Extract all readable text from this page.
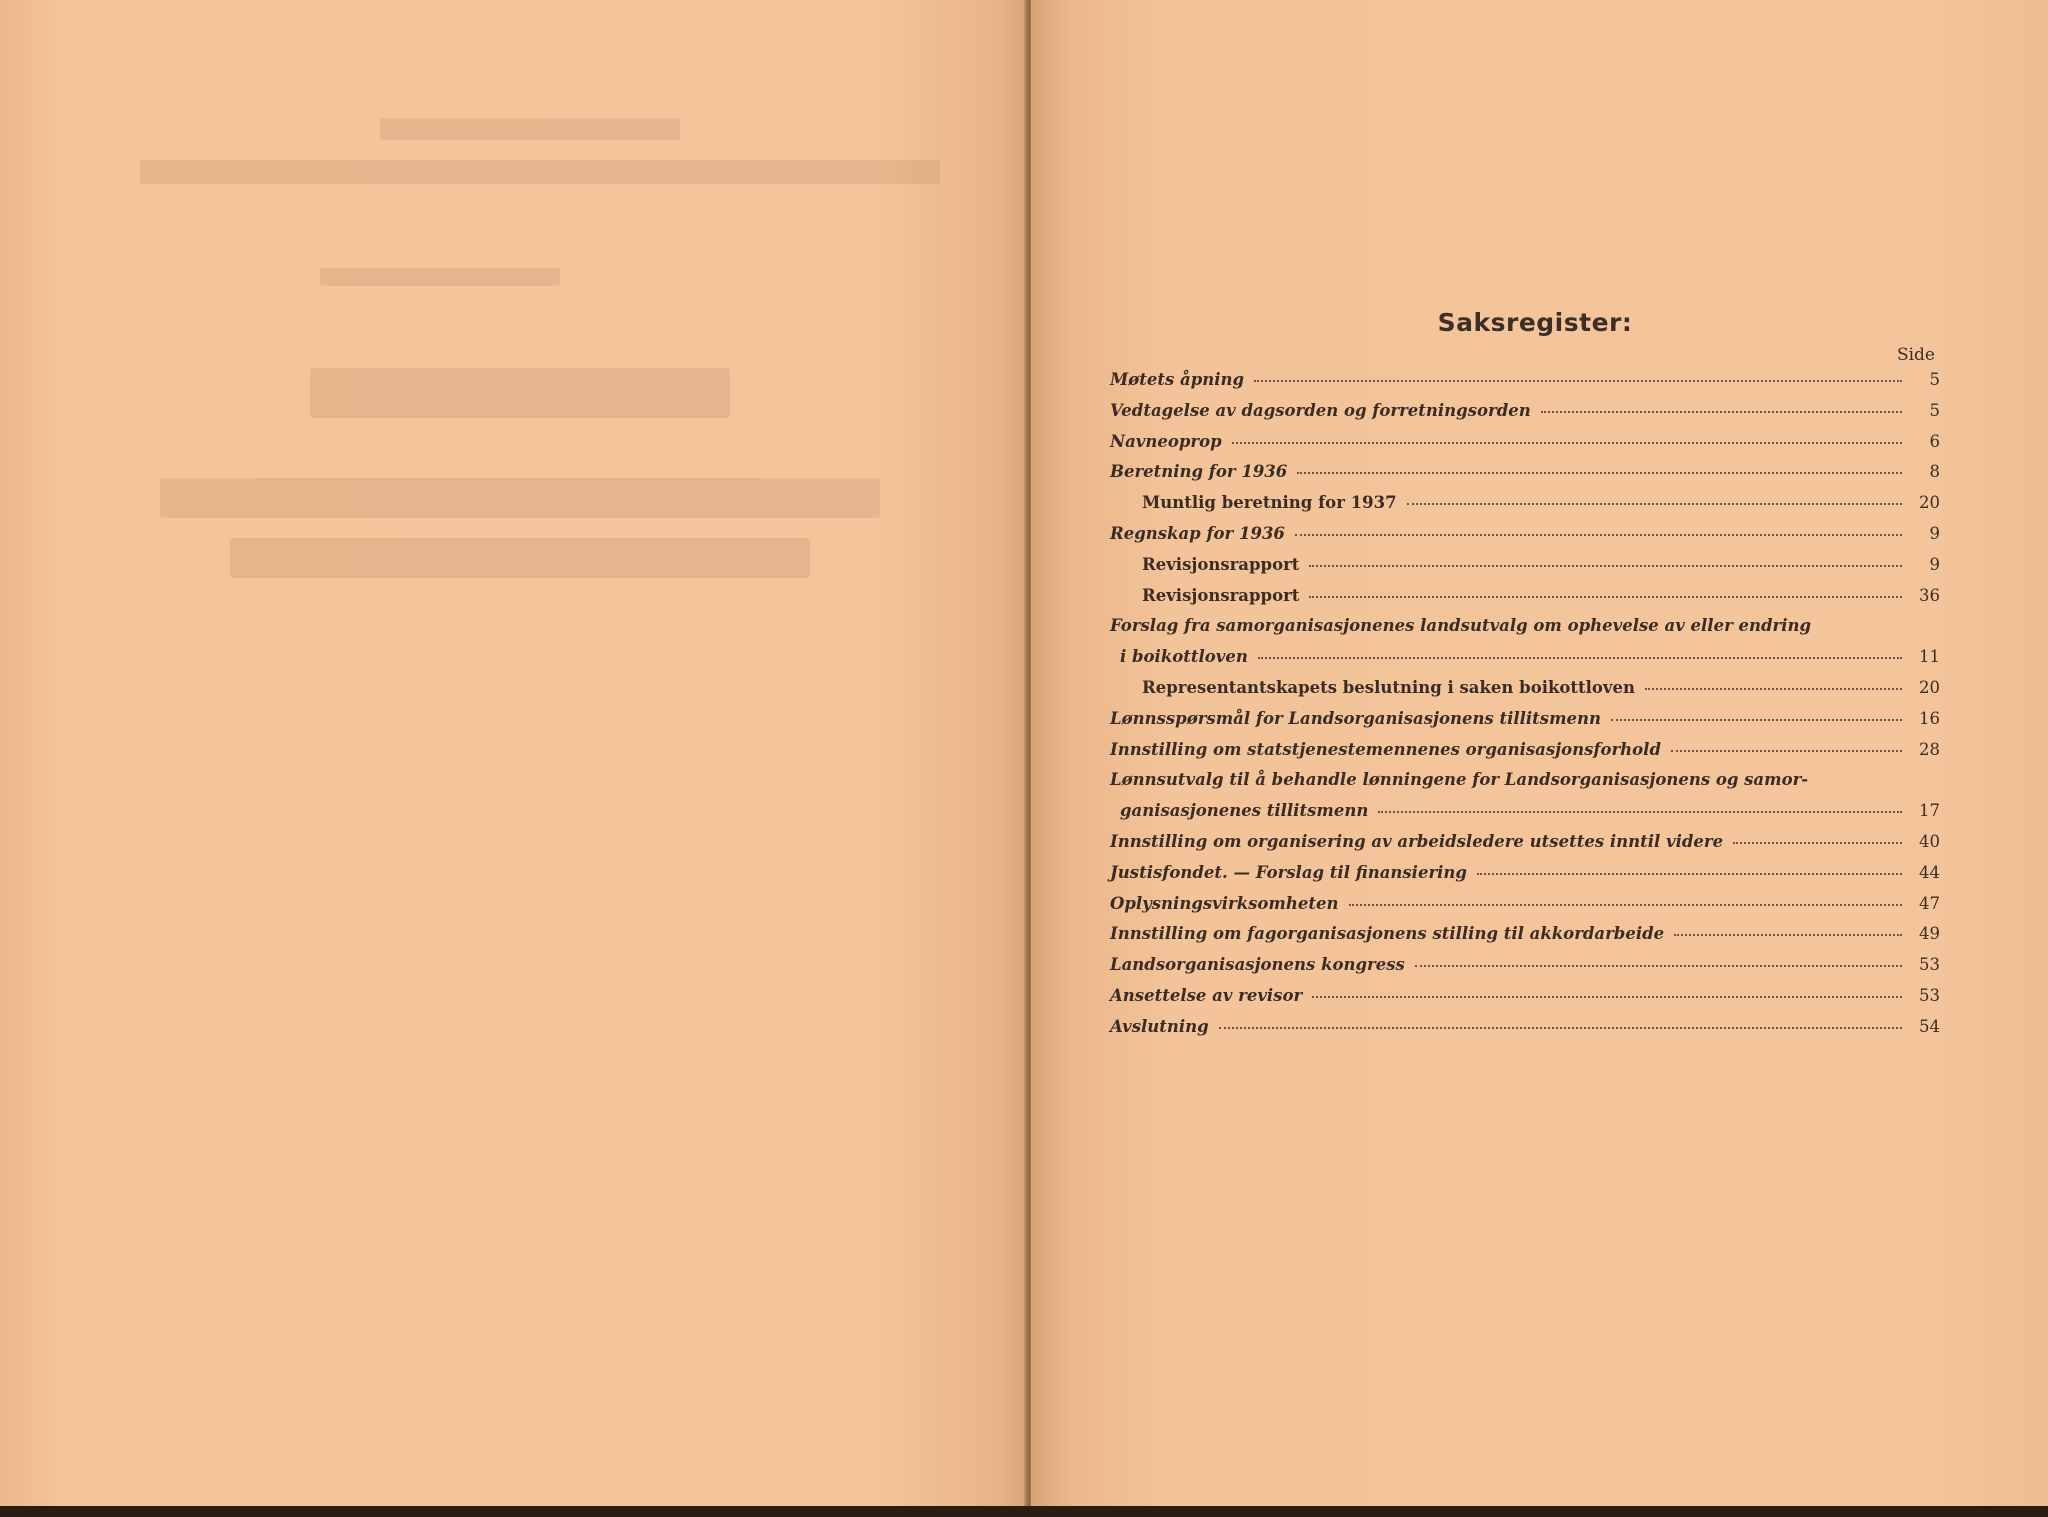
Saksregister:
Side
Møtets åpning	5
Vedtagelse av dagsorden og forretningsorden	5
Navneoprop	6
Beretning for 1936	8
Muntlig beretning for 1937	20
Regnskap for 1936	9
Revisjonsrapport	9
Revisjonsrapport	36
Forslag fra samorganisasjonenes landsutvalg om ophevelse av eller endring
i boikottloven	11
Representantskapets beslutning i saken boikottloven	20
Lønnsspørsmål for Landsorganisasjonens tillitsmenn	16
Innstilling om statstjenestemennenes organisasjonsforhold	28
Lønnsutvalg til å behandle lønningene for Landsorganisasjonens og samor-
ganisasjonenes tillitsmenn	17
Innstilling om organisering av arbeidsledere utsettes inntil videre	40
Justisfondet. — Forslag til finansiering	44
Oplysningsvirksomheten	47
Innstilling om fagorganisasjonens stilling til akkordarbeide	49
Landsorganisasjonens kongress	53
Ansettelse av revisor	53
Avslutning	54
